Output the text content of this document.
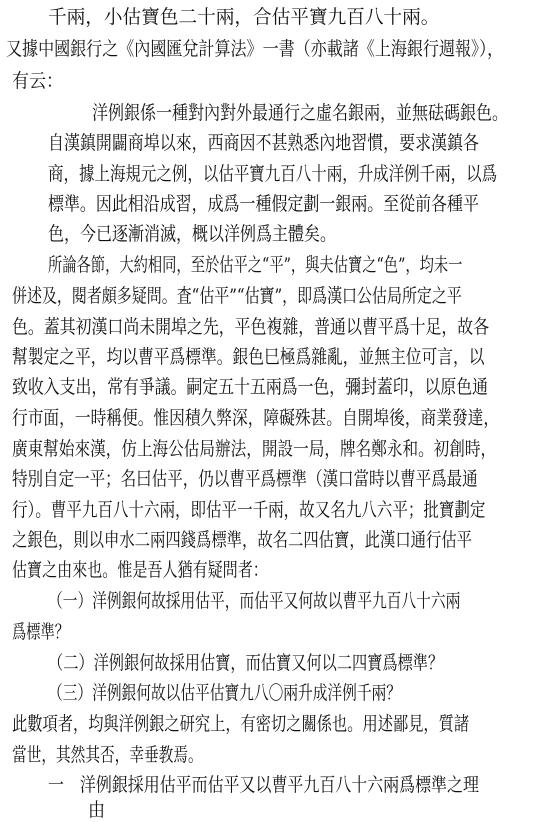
千兩，小估寶色二十兩，合估平寶九百八十兩。
又據中國銀行之《內國匯兌計算法》一書（亦載諸《上海銀行週報》），
有云：
洋例銀係一種對內對外最通行之虛名銀兩，並無砝碼銀色。
自漢鎮開闢商埠以來，西商因不甚熟悉內地習慣，要求漢鎮各
商，據上海規元之例，以估平寶九百八十兩，升成洋例千兩，以爲
標準。因此相沿成習，成爲一種假定劃一銀兩。至從前各種平
色，今已逐漸消滅，概以洋例爲主體矣。
所論各節，大約相同，至於估平之“平”，與夫估寶之“色”，均未一
併述及，閱者頗多疑問。査“估平”“估寶”，即爲漢口公估局所定之平
色。蓋其初漢口尚未開埠之先，平色複雜，普通以曹平爲十足，故各
幫製定之平，均以曹平爲標準。銀色巳極爲雜亂，並無主位可言，以
致收入支出，常有爭議。嗣定五十五兩爲一色，彌封蓋印，以原色通
行市面，一時稱便。惟因積久弊深，障礙殊甚。自開埠後，商業發達，
廣東幫始來漢，仿上海公估局辦法，開設一局，牌名鄭永和。初創時，
特別自定一平；名曰估平，仍以曹平爲標準（漢口當時以曹平爲最通
行）。曹平九百八十六兩，即估平一千兩，故又名九八六平；批寶劃定
之銀色，則以申水二兩四錢爲標準，故名二四估寶，此漢口通行估平
估寶之由來也。惟是吾人猶有疑問者：
（一）洋例銀何故採用估平，而估平又何故以曹平九百八十六兩
爲標準？
（二）洋例銀何故採用估寶，而估寶又何以二四寶爲標準？
（三）洋例銀何故以估平估寶九八〇兩升成洋例千兩？
此數項者，均與洋例銀之研究上，有密切之關係也。用述鄙見，質諸
當世，其然其否，幸垂教焉。
一　洋例銀採用估平而估平又以曹平九百八十六兩爲標準之理
由
